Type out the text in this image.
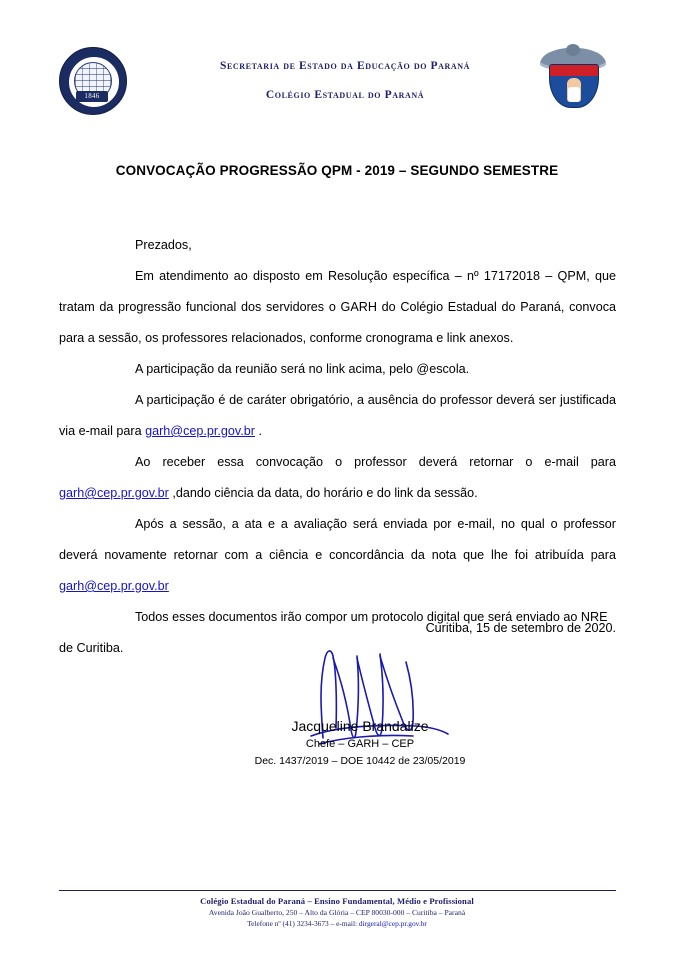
1846
Secretaria de Estado da Educação do Paraná
Colégio Estadual do Paraná
CONVOCAÇÃO PROGRESSÃO QPM - 2019 – SEGUNDO SEMESTRE

Prezados,

Em atendimento ao disposto em Resolução específica – nº 17172018 – QPM, que tratam da progressão funcional dos servidores o GARH do Colégio Estadual do Paraná, convoca para a sessão, os professores relacionados, conforme cronograma e link anexos.

A participação da reunião será no link acima, pelo @escola.

A participação é de caráter obrigatório, a ausência do professor deverá ser justificada via e-mail para garh@cep.pr.gov.br .

Ao receber essa convocação o professor deverá retornar o e-mail para garh@cep.pr.gov.br ,dando ciência da data, do horário e do link da sessão.

Após a sessão, a ata e a avaliação será enviada por e-mail, no qual o professor deverá novamente retornar com a ciência e concordância da nota que lhe foi atribuída para garh@cep.pr.gov.br

Todos esses documentos irão compor um protocolo digital que será enviado ao NRE de Curitiba.

Curitiba, 15 de setembro de 2020.
Jacqueline Brandalize
Chefe – GARH – CEP
Dec. 1437/2019 – DOE 10442 de 23/05/2019
Colégio Estadual do Paraná – Ensino Fundamental, Médio e Profissional
Avenida João Gualberto, 250 – Alto da Glória – CEP 80030-000 – Curitiba – Paraná
Telefone nº (41) 3234-3673 – e-mail: dirgeral@cep.pr.gov.br
